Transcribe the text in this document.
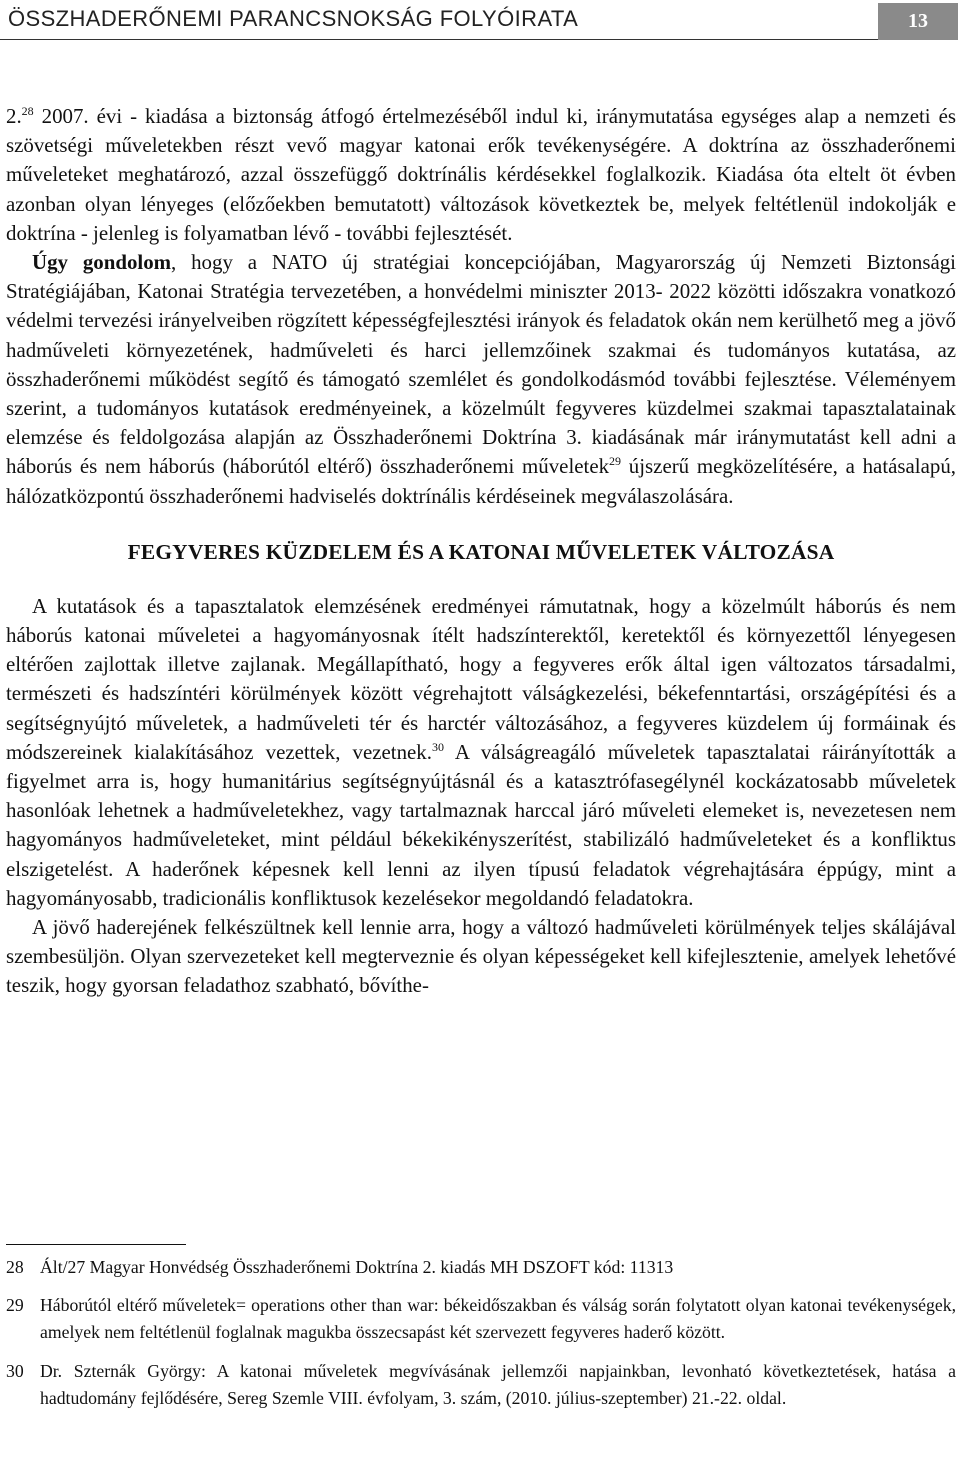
ÖSSZHADERŐNEMI PARANCSNOKSÁG FOLYÓIRATA	13

2.28 2007. évi - kiadása a biztonság átfogó értelmezéséből indul ki, iránymutatása egységes alap a nemzeti és szövetségi műveletekben részt vevő magyar katonai erők tevékenységére. A doktrína az összhaderőnemi műveleteket meghatározó, azzal összefüggő doktrínális kérdésekkel foglalkozik. Kiadása óta eltelt öt évben azonban olyan lényeges (előzőekben bemutatott) változások következtek be, melyek feltétlenül indokolják e doktrína - jelenleg is folyamatban lévő - további fejlesztését.

Úgy gondolom, hogy a NATO új stratégiai koncepciójában, Magyarország új Nemzeti Biztonsági Stratégiájában, Katonai Stratégia tervezetében, a honvédelmi miniszter 2013- 2022 közötti időszakra vonatkozó védelmi tervezési irányelveiben rögzített képességfejlesztési irányok és feladatok okán nem kerülhető meg a jövő hadműveleti környezetének, hadműveleti és harci jellemzőinek szakmai és tudományos kutatása, az összhaderőnemi működést segítő és támogató szemlélet és gondolkodásmód további fejlesztése. Véleményem szerint, a tudományos kutatások eredményeinek, a közelmúlt fegyveres küzdelmei szakmai tapasztalatainak elemzése és feldolgozása alapján az Összhaderőnemi Doktrína 3. kiadásának már iránymutatást kell adni a háborús és nem háborús (háborútól eltérő) összhaderőnemi műveletek$^{29}$ újszerű megközelítésére, a hatásalapú, hálózatközpontú összhaderőnemi hadviselés doktrínális kérdéseinek megválaszolására.

FEGYVERES KÜZDELEM ÉS A KATONAI MŰVELETEK VÁLTOZÁSA

A kutatások és a tapasztalatok elemzésének eredményei rámutatnak, hogy a közelmúlt háborús és nem háborús katonai műveletei a hagyományosnak ítélt hadszínterektől, keretektől és környezettől lényegesen eltérően zajlottak illetve zajlanak. Megállapítható, hogy a fegyveres erők által igen változatos társadalmi, természeti és hadszíntéri körülmények között végrehajtott válságkezelési, békefenntartási, országépítési és a segítségnyújtó műveletek, a hadműveleti tér és harctér változásához, a fegyveres küzdelem új formáinak és módszereinek kialakításához vezettek, vezetnek.$^{30}$ A válságreagáló műveletek tapasztalatai ráirányították a figyelmet arra is, hogy humanitárius segítségnyújtásnál és a katasztrófasegélynél kockázatosabb műveletek hasonlóak lehetnek a hadműveletekhez, vagy tartalmaznak harccal járó műveleti elemeket is, nevezetesen nem hagyományos hadműveleteket, mint például békekikényszerítést, stabilizáló hadműveleteket és a konfliktus elszigetelést. A haderőnek képesnek kell lenni az ilyen típusú feladatok végrehajtására éppúgy, mint a hagyományosabb, tradicionális konfliktusok kezelésekor megoldandó feladatokra.

A jövő haderejének felkészültnek kell lennie arra, hogy a változó hadműveleti körülmények teljes skálájával szembesüljön. Olyan szervezeteket kell megterveznie és olyan képességeket kell kifejlesztenie, amelyek lehetővé teszik, hogy gyorsan feladathoz szabható, bővíthe-

28 Ált/27 Magyar Honvédség Összhaderőnemi Doktrína 2. kiadás MH DSZOFT kód: 11313
29 Háborútól eltérő műveletek= operations other than war: békeidőszakban és válság során folytatott olyan katonai tevékenységek, amelyek nem feltétlenül foglalnak magukba összecsapást két szervezett fegyveres haderő között.
30 Dr. Szternák György: A katonai műveletek megvívásának jellemzői napjainkban, levonható következtetések, hatása a hadtudomány fejlődésére, Sereg Szemle VIII. évfolyam, 3. szám, (2010. július-szeptember) 21.-22. oldal.
